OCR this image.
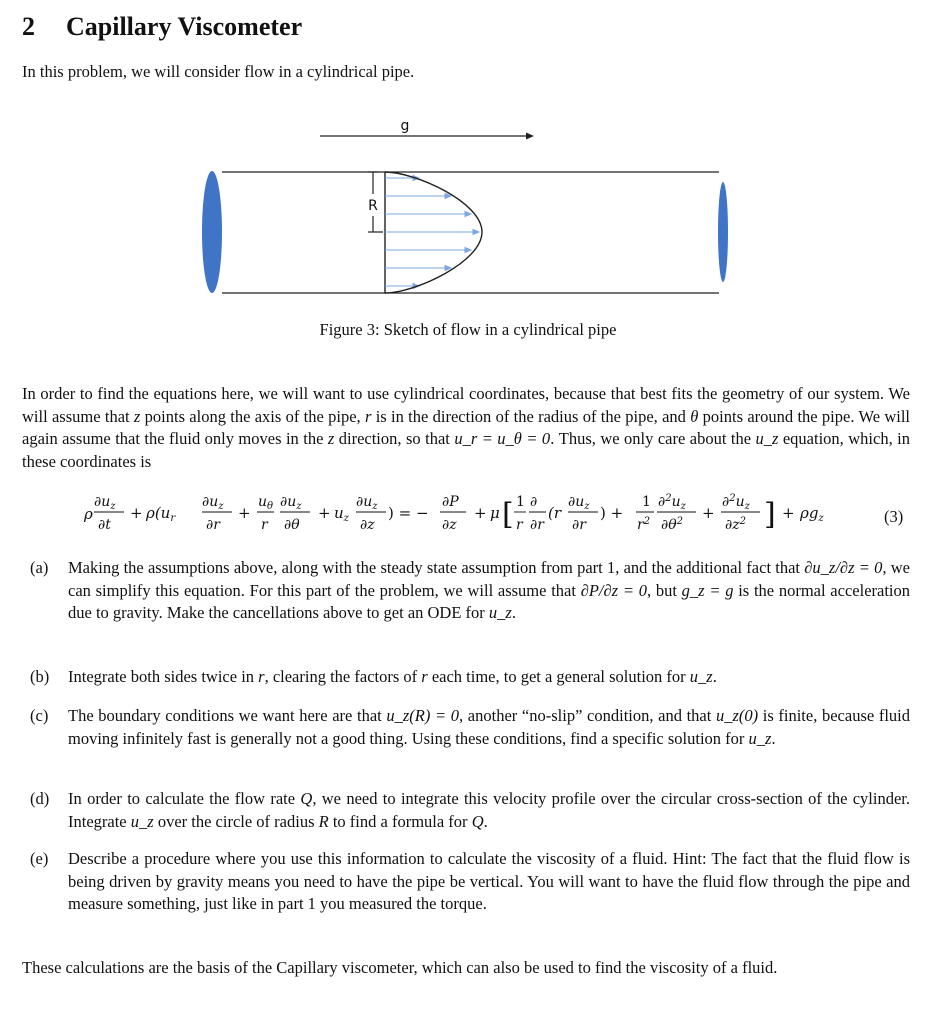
2 Capillary Viscometer
In this problem, we will consider flow in a cylindrical pipe.
g
R
Figure 3: Sketch of flow in a cylindrical pipe
In order to find the equations here, we will want to use cylindrical coordinates, because that best fits the geometry of our system. We will assume that z points along the axis of the pipe, r is in the direction of the radius of the pipe, and θ points around the pipe. We will again assume that the fluid only moves in the z direction, so that u_r = u_θ = 0. Thus, we only care about the u_z equation, which, in these coordinates is
ρ
$\partial u_z$
∂t
+ $\rho(u_r$
$\partial u_z$
∂r
+
$u_\theta$
r
$\partial u_z$
∂θ
+ $u_z$
$\partial u_z$
∂z
) = −
∂P
∂z
+ μ [ 1
r
∂
∂r
(r
$\partial u_z$
∂r
) +
1
$r^2$
$\partial^2u_z$
$\partial\theta^2$ +
$\partial^2u_z$
$\partial z^2$ ] + $\rho g_z$	(3)
(a) Making the assumptions above, along with the steady state assumption from part 1, and the additional fact that ∂u_z/∂z = 0, we can simplify this equation. For this part of the problem, we will assume that ∂P/∂z = 0, but g_z = g is the normal acceleration due to gravity. Make the cancellations above to get an ODE for u_z.
(b) Integrate both sides twice in r, clearing the factors of r each time, to get a general solution for u_z.
(c) The boundary conditions we want here are that u_z(R) = 0, another “no-slip” condition, and that u_z(0) is finite, because fluid moving infinitely fast is generally not a good thing. Using these conditions, find a specific solution for u_z.
(d) In order to calculate the flow rate Q, we need to integrate this velocity profile over the circular cross-section of the cylinder. Integrate u_z over the circle of radius R to find a formula for Q.
(e) Describe a procedure where you use this information to calculate the viscosity of a fluid. Hint: The fact that the fluid flow is being driven by gravity means you need to have the pipe be vertical. You will want to have the fluid flow through the pipe and measure something, just like in part 1 you measured the torque.
These calculations are the basis of the Capillary viscometer, which can also be used to find the viscosity of a fluid.
